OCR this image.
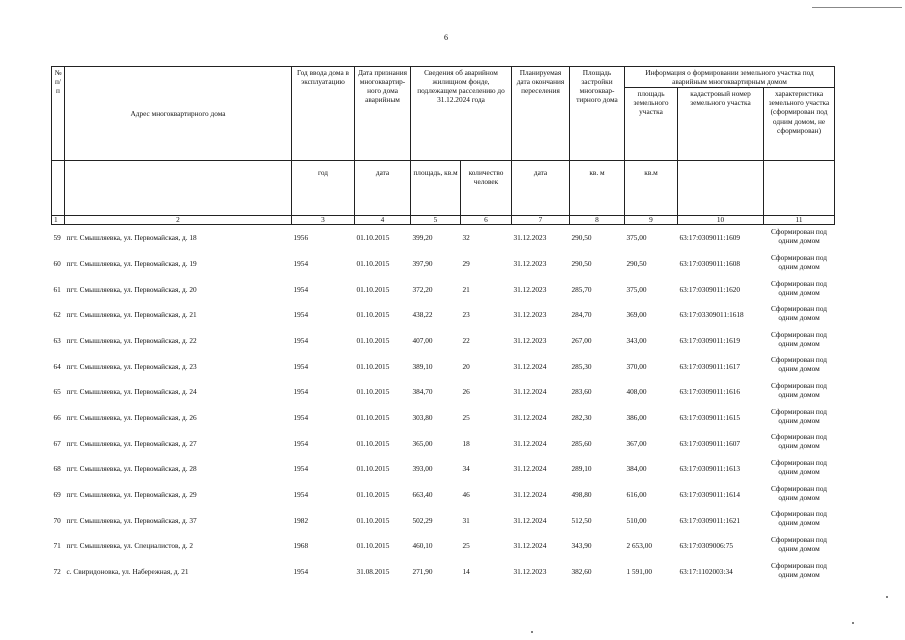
6
№ п/п	Адрес многоквартирного дома	Год ввода дома в эксплуатацию	Дата признания многоквартир-ного дома аварийным	Сведения об аварийном жилищном фонде, подлежащем расселению до 31.12.2024 года		Планируемая дата окончания переселения	Площадь застройки многоквар-тирного дома	Информация о формировании земельного участка под аварийным многоквартирным домом		
								площадь земельного участка	кадастровый номер земельного участка	характеристика земельного участка (сформирован под одним домом, не сформирован)
		год	дата	площадь, кв.м	количество человек	дата	кв. м	кв.м		
1	2	3	4	5	6	7	8	9	10	11
59	пгт. Смышляевка, ул. Первомайская, д. 18	1956	01.10.2015	399,20	32	31.12.2023	290,50	375,00	63:17:0309011:1609	Сформирован под одним домом
60	пгт. Смышляевка, ул. Первомайская, д. 19	1954	01.10.2015	397,90	29	31.12.2023	290,50	290,50	63:17:0309011:1608	Сформирован под одним домом
61	пгт. Смышляевка, ул. Первомайская, д. 20	1954	01.10.2015	372,20	21	31.12.2023	285,70	375,00	63:17:0309011:1620	Сформирован под одним домом
62	пгт. Смышляевка, ул. Первомайская, д. 21	1954	01.10.2015	438,22	23	31.12.2023	284,70	369,00	63:17:03309011:1618	Сформирован под одним домом
63	пгт. Смышляевка, ул. Первомайская, д. 22	1954	01.10.2015	407,00	22	31.12.2023	267,00	343,00	63:17:0309011:1619	Сформирован под одним домом
64	пгт. Смышляевка, ул. Первомайская, д. 23	1954	01.10.2015	389,10	20	31.12.2024	285,30	370,00	63:17:0309011:1617	Сформирован под одним домом
65	пгт. Смышляевка, ул. Первомайская, д. 24	1954	01.10.2015	384,70	26	31.12.2024	283,60	408,00	63:17:0309011:1616	Сформирован под одним домом
66	пгт. Смышляевка, ул. Первомайская, д. 26	1954	01.10.2015	303,80	25	31.12.2024	282,30	386,00	63:17:0309011:1615	Сформирован под одним домом
67	пгт. Смышляевка, ул. Первомайская, д. 27	1954	01.10.2015	365,00	18	31.12.2024	285,60	367,00	63:17:0309011:1607	Сформирован под одним домом
68	пгт. Смышляевка, ул. Первомайская, д. 28	1954	01.10.2015	393,00	34	31.12.2024	289,10	384,00	63:17:0309011:1613	Сформирован под одним домом
69	пгт. Смышляевка, ул. Первомайская, д. 29	1954	01.10.2015	663,40	46	31.12.2024	498,80	616,00	63:17:0309011:1614	Сформирован под одним домом
70	пгт. Смышляевка, ул. Первомайская, д. 37	1982	01.10.2015	502,29	31	31.12.2024	512,50	510,00	63:17:0309011:1621	Сформирован под одним домом
71	пгт. Смышляевка, ул. Специалистов, д. 2	1968	01.10.2015	460,10	25	31.12.2024	343,90	2 653,00	63:17:0309006:75	Сформирован под одним домом
72	с. Свиридоновка, ул. Набережная, д. 21	1954	31.08.2015	271,90	14	31.12.2023	382,60	1 591,00	63:17:1102003:34	Сформирован под одним домом
